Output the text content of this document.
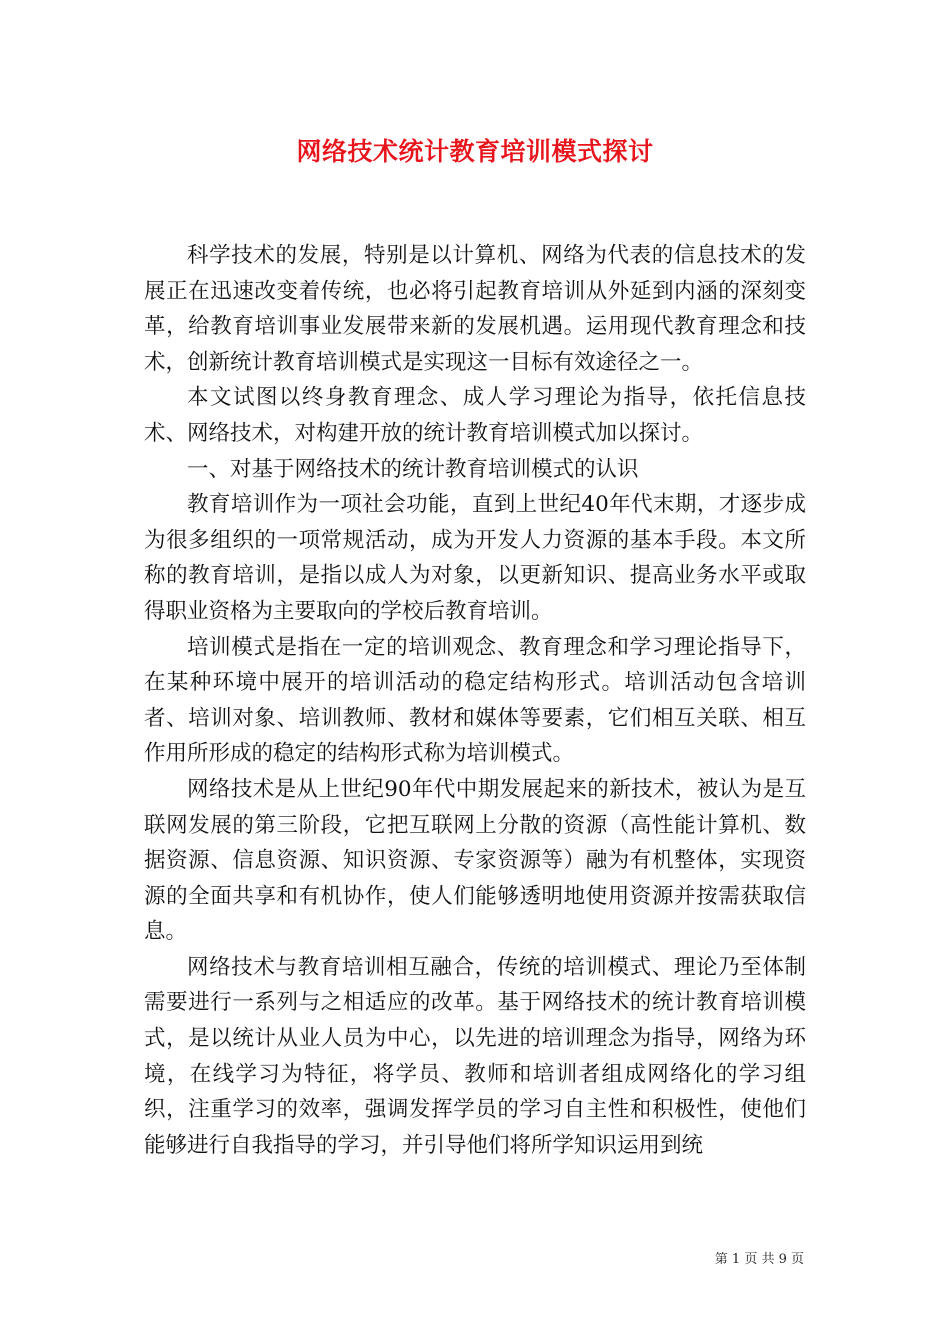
网络技术统计教育培训模式探讨

科学技术的发展，特别是以计算机、网络为代表的信息技术的发展正在迅速改变着传统，也必将引起教育培训从外延到内涵的深刻变革，给教育培训事业发展带来新的发展机遇。运用现代教育理念和技术，创新统计教育培训模式是实现这一目标有效途径之一。

本文试图以终身教育理念、成人学习理论为指导，依托信息技术、网络技术，对构建开放的统计教育培训模式加以探讨。

一、对基于网络技术的统计教育培训模式的认识

教育培训作为一项社会功能，直到上世纪40年代末期，才逐步成为很多组织的一项常规活动，成为开发人力资源的基本手段。本文所称的教育培训，是指以成人为对象，以更新知识、提高业务水平或取得职业资格为主要取向的学校后教育培训。

培训模式是指在一定的培训观念、教育理念和学习理论指导下，在某种环境中展开的培训活动的稳定结构形式。培训活动包含培训者、培训对象、培训教师、教材和媒体等要素，它们相互关联、相互作用所形成的稳定的结构形式称为培训模式。

网络技术是从上世纪90年代中期发展起来的新技术，被认为是互联网发展的第三阶段，它把互联网上分散的资源（高性能计算机、数据资源、信息资源、知识资源、专家资源等）融为有机整体，实现资源的全面共享和有机协作，使人们能够透明地使用资源并按需获取信息。

网络技术与教育培训相互融合，传统的培训模式、理论乃至体制需要进行一系列与之相适应的改革。基于网络技术的统计教育培训模式，是以统计从业人员为中心，以先进的培训理念为指导，网络为环境，在线学习为特征，将学员、教师和培训者组成网络化的学习组织，注重学习的效率，强调发挥学员的学习自主性和积极性，使他们能够进行自我指导的学习，并引导他们将所学知识运用到统

第 1 页 共 9 页
